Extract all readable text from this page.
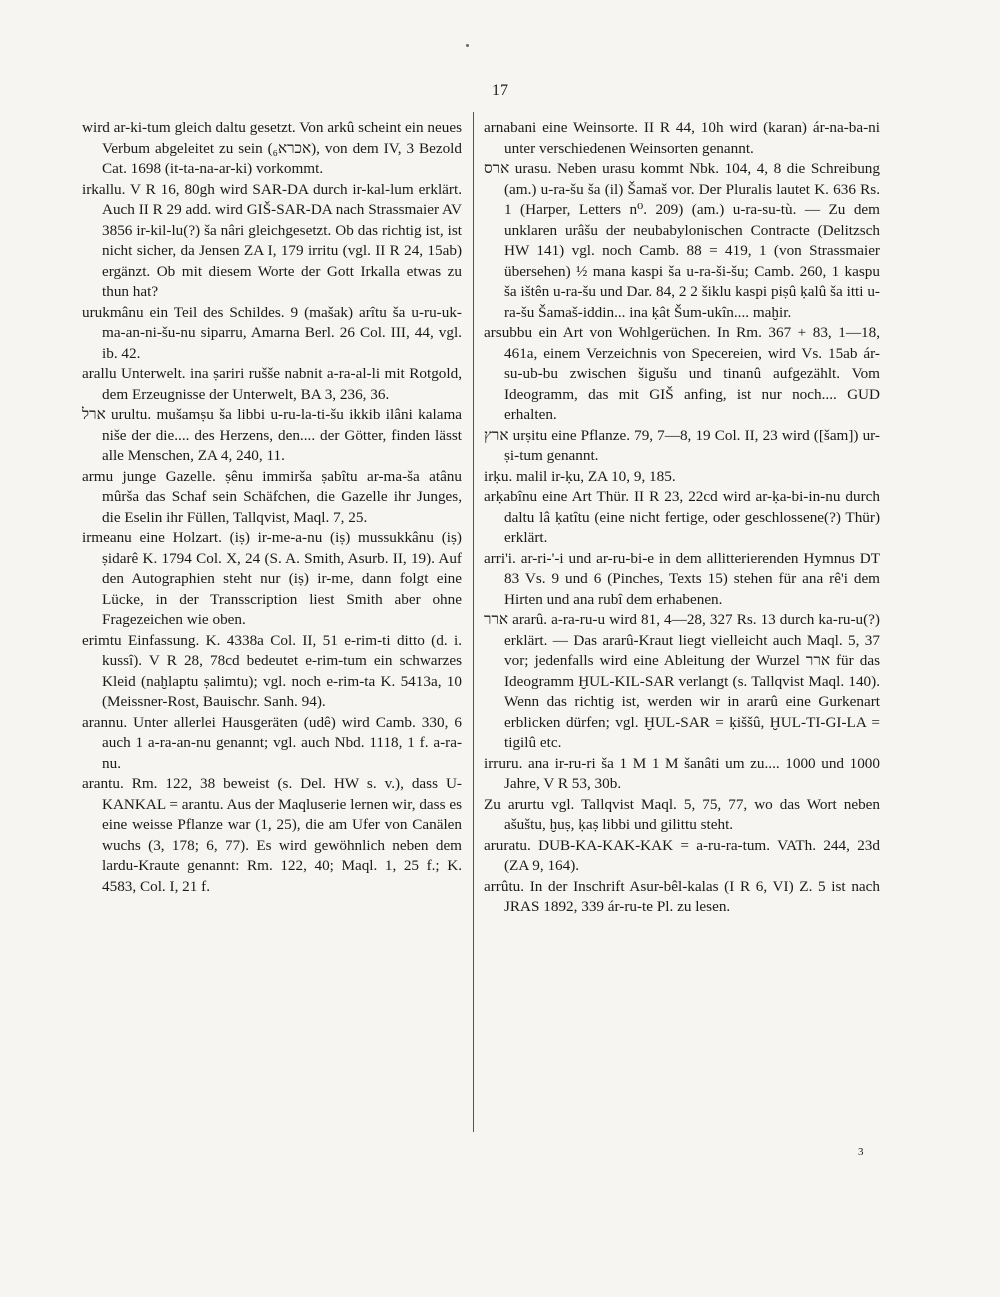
17

wird ar-ki-tum gleich daltu gesetzt. Von arkû scheint ein neues Verbum abgeleitet zu sein (אכרא₆), von dem IV, 3 Bezold Cat. 1698 (it-ta-na-ar-ki) vorkommt.

irkallu. V R 16, 80gh wird SAR-DA durch ir-kal-lum erklärt. Auch II R 29 add. wird GIŠ-SAR-DA nach Strassmaier AV 3856 ir-kil-lu(?) ša nâri gleichgesetzt. Ob das richtig ist, ist nicht sicher, da Jensen ZA I, 179 irritu (vgl. II R 24, 15ab) ergänzt. Ob mit diesem Worte der Gott Irkalla etwas zu thun hat?

urukmânu ein Teil des Schildes. 9 (mašak) arîtu ša u-ru-uk-ma-an-ni-šu-nu siparru, Amarna Berl. 26 Col. III, 44, vgl. ib. 42.

arallu Unterwelt. ina ṣariri rušše nabnit a-ra-al-li mit Rotgold, dem Erzeugnisse der Unterwelt, BA 3, 236, 36.

ארל urultu. mušamṣu ša libbi u-ru-la-ti-šu ikkib ilâni kalama niše der die.... des Herzens, den.... der Götter, finden lässt alle Menschen, ZA 4, 240, 11.

armu junge Gazelle. ṣênu immirša ṣabîtu ar-ma-ša atânu mûrša das Schaf sein Schäfchen, die Gazelle ihr Junges, die Eselin ihr Füllen, Tallqvist, Maql. 7, 25.

irmeanu eine Holzart. (iṣ) ir-me-a-nu (iṣ) mussukkânu (iṣ) ṣidarê K. 1794 Col. X, 24 (S. A. Smith, Asurb. II, 19). Auf den Autographien steht nur (iṣ) ir-me, dann folgt eine Lücke, in der Transscription liest Smith aber ohne Fragezeichen wie oben.

erimtu Einfassung. K. 4338a Col. II, 51 e-rim-ti ditto (d. i. kussî). V R 28, 78cd bedeutet e-rim-tum ein schwarzes Kleid (naḫlaptu ṣalimtu); vgl. noch e-rim-ta K. 5413a, 10 (Meissner-Rost, Bauischr. Sanh. 94).

arannu. Unter allerlei Hausgeräten (udê) wird Camb. 330, 6 auch 1 a-ra-an-nu genannt; vgl. auch Nbd. 1118, 1 f. a-ra-nu.

arantu. Rm. 122, 38 beweist (s. Del. HW s. v.), dass U-KANKAL = arantu. Aus der Maqluserie lernen wir, dass es eine weisse Pflanze war (1, 25), die am Ufer von Canälen wuchs (3, 178; 6, 77). Es wird gewöhnlich neben dem lardu-Kraute genannt: Rm. 122, 40; Maql. 1, 25 f.; K. 4583, Col. I, 21 f.

arnabani eine Weinsorte. II R 44, 10h wird (karan) ár-na-ba-ni unter verschiedenen Weinsorten genannt.

ארס urasu. Neben urasu kommt Nbk. 104, 4, 8 die Schreibung (am.) u-ra-šu ša (il) Šamaš vor. Der Pluralis lautet K. 636 Rs. 1 (Harper, Letters n⁰. 209) (am.) u-ra-su-tù. — Zu dem unklaren urâšu der neubabylonischen Contracte (Delitzsch HW 141) vgl. noch Camb. 88 = 419, 1 (von Strassmaier übersehen) ½ mana kaspi ša u-ra-ši-šu; Camb. 260, 1 kaspu ša ištên u-ra-šu und Dar. 84, 2 2 šiklu kaspi piṣû ḳalû ša itti u-ra-šu Šamaš-iddin... ina ḳât Šum-ukîn.... maḫir.

arsubbu ein Art von Wohlgerüchen. In Rm. 367 + 83, 1—18, 461a, einem Verzeichnis von Specereien, wird Vs. 15ab ár-su-ub-bu zwischen šigušu und tinanû aufgezählt. Vom Ideogramm, das mit GIŠ anfing, ist nur noch.... GUD erhalten.

ארץ urṣitu eine Pflanze. 79, 7—8, 19 Col. II, 23 wird ([šam]) ur-ṣi-tum genannt.

irḳu. malil ir-ḳu, ZA 10, 9, 185.

arḳabînu eine Art Thür. II R 23, 22cd wird ar-ḳa-bi-in-nu durch daltu lâ ḳatîtu (eine nicht fertige, oder geschlossene(?) Thür) erklärt.

arri'i. ar-ri-'-i und ar-ru-bi-e in dem allitterierenden Hymnus DT 83 Vs. 9 und 6 (Pinches, Texts 15) stehen für ana rê'i dem Hirten und ana rubî dem erhabenen.

ארר ararû. a-ra-ru-u wird 81, 4—28, 327 Rs. 13 durch ka-ru-u(?) erklärt. — Das ararû-Kraut liegt vielleicht auch Maql. 5, 37 vor; jedenfalls wird eine Ableitung der Wurzel ארר für das Ideogramm ḪUL-KIL-SAR verlangt (s. Tallqvist Maql. 140). Wenn das richtig ist, werden wir in ararû eine Gurkenart erblicken dürfen; vgl. ḪUL-SAR = ḳiššû, ḪUL-TI-GI-LA = tigilû etc.

irruru. ana ir-ru-ri ša 1 M 1 M šanâti um zu.... 1000 und 1000 Jahre, V R 53, 30b.

Zu arurtu vgl. Tallqvist Maql. 5, 75, 77, wo das Wort neben ašuštu, ḫuṣ, ḳaṣ libbi und gilittu steht.

aruratu. DUB-KA-KAK-KAK = a-ru-ra-tum. VATh. 244, 23d (ZA 9, 164).

arrûtu. In der Inschrift Asur-bêl-kalas (I R 6, VI) Z. 5 ist nach JRAS 1892, 339 ár-ru-te Pl. zu lesen.

3
